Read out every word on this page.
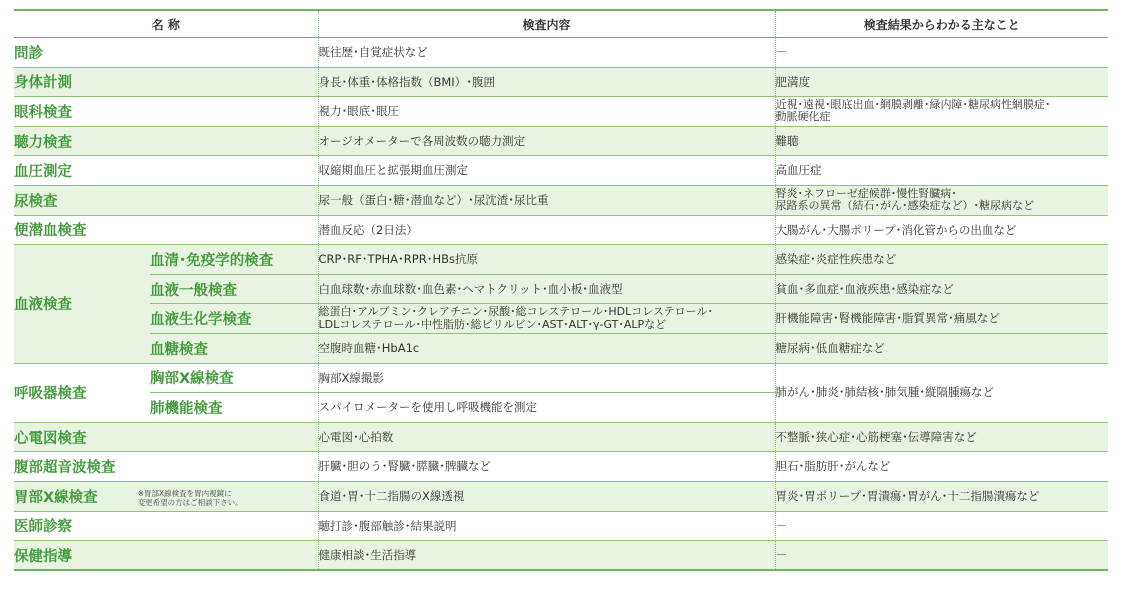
名 称		検査内容	検査結果からわかる主なこと
問診		既往歴･自覚症状など	－
身体計測		身長･体重･体格指数（BMI）･腹囲	肥満度
眼科検査		視力･眼底･眼圧	近視･遠視･眼底出血･網膜剥離･緑内障･糖尿病性網膜症･
動脈硬化症
聴力検査		オージオメーターで各周波数の聴力測定	難聴
血圧測定		収縮期血圧と拡張期血圧測定	高血圧症
尿検査		尿一般（蛋白･糖･潜血など）･尿沈渣･尿比重	腎炎･ネフローゼ症候群･慢性腎臓病･
尿路系の異常（結石･がん･感染症など）･糖尿病など
便潜血検査		潜血反応（2日法）	大腸がん･大腸ポリープ･消化管からの出血など
血液検査	血清･免疫学的検査	CRP･RF･TPHA･RPR･HBs抗原	感染症･炎症性疾患など
	血液一般検査	白血球数･赤血球数･血色素･ヘマトクリット･血小板･血液型	貧血･多血症･血液疾患･感染症など
	血液生化学検査	総蛋白･アルブミン･クレアチニン･尿酸･総コレステロール･HDLコレステロール･
LDLコレステロール･中性脂肪･総ビリルビン･AST･ALT･γ-GT･ALPなど	肝機能障害･腎機能障害･脂質異常･痛風など
	血糖検査	空腹時血糖･HbA1c	糖尿病･低血糖症など
呼吸器検査	胸部X線検査	胸部X線撮影	肺がん･肺炎･肺結核･肺気腫･縦隔腫瘍など
	肺機能検査	スパイロメーターを使用し呼吸機能を測定	
心電図検査		心電図･心拍数	不整脈･狭心症･心筋梗塞･伝導障害など
腹部超音波検査		肝臓･胆のう･腎臓･膵臓･脾臓など	胆石･脂肪肝･がんなど
胃部X線検査 ※胃部X線検査を胃内視鏡に
変更希望の方はご相談下さい。		食道･胃･十二指腸のX線透視	胃炎･胃ポリープ･胃潰瘍･胃がん･十二指腸潰瘍など
医師診察		聴打診･腹部触診･結果説明	－
保健指導		健康相談･生活指導	－
